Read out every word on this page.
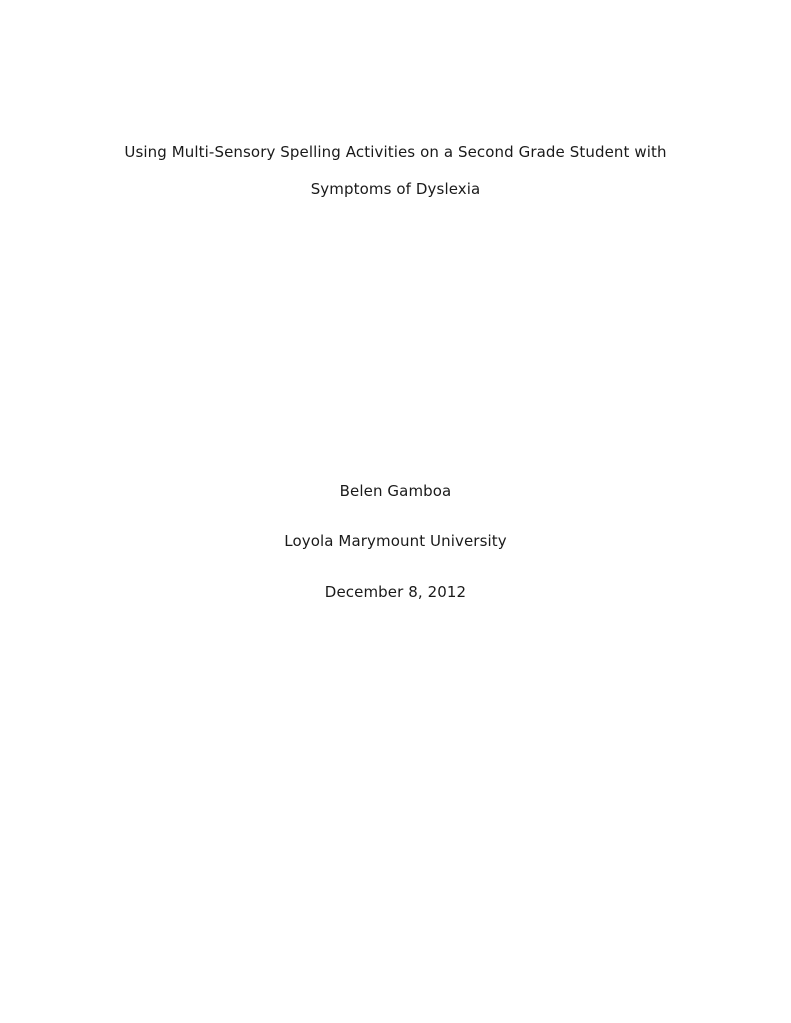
Using Multi-Sensory Spelling Activities on a Second Grade Student with
Symptoms of Dyslexia
Belen Gamboa
Loyola Marymount University
December 8, 2012
